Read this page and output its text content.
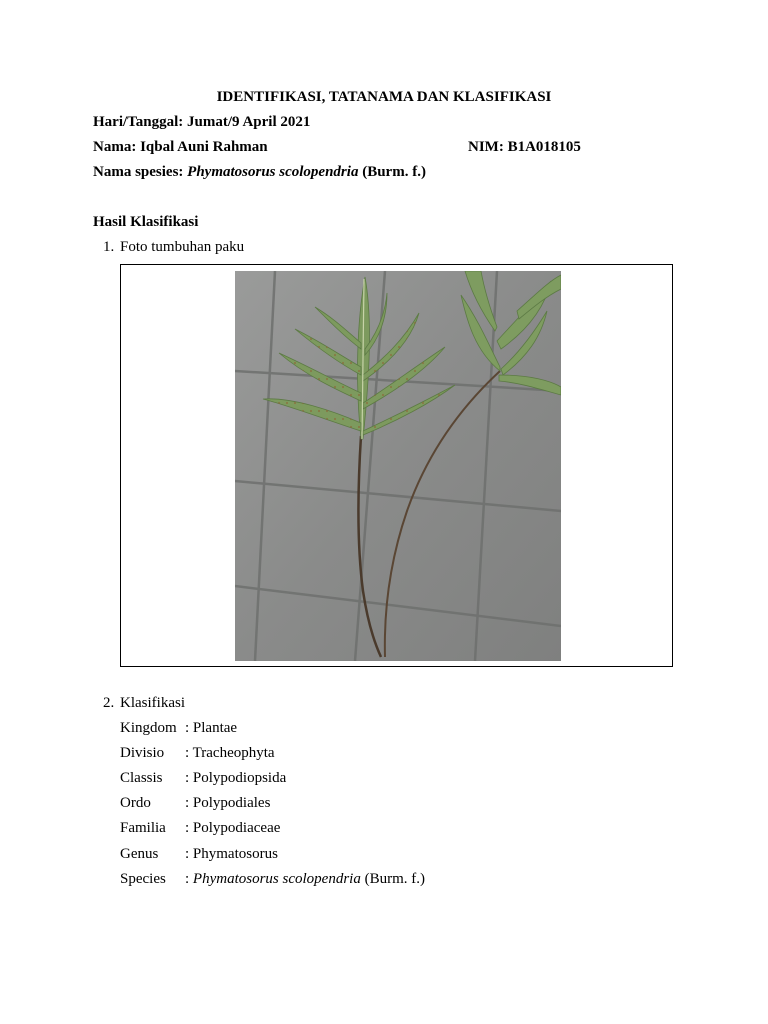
IDENTIFIKASI, TATANAMA DAN KLASIFIKASI
Hari/Tanggal: Jumat/9 April 2021
Nama: Iqbal Auni Rahman	NIM: B1A018105
Nama spesies: Phymatosorus scolopendria (Burm. f.)
Hasil Klasifikasi
1. Foto tumbuhan paku
2. Klasifikasi
Kingdom : Plantae
Divisio : Tracheophyta
Classis : Polypodiopsida
Ordo : Polypodiales
Familia : Polypodiaceae
Genus : Phymatosorus
Species : Phymatosorus scolopendria (Burm. f.)
